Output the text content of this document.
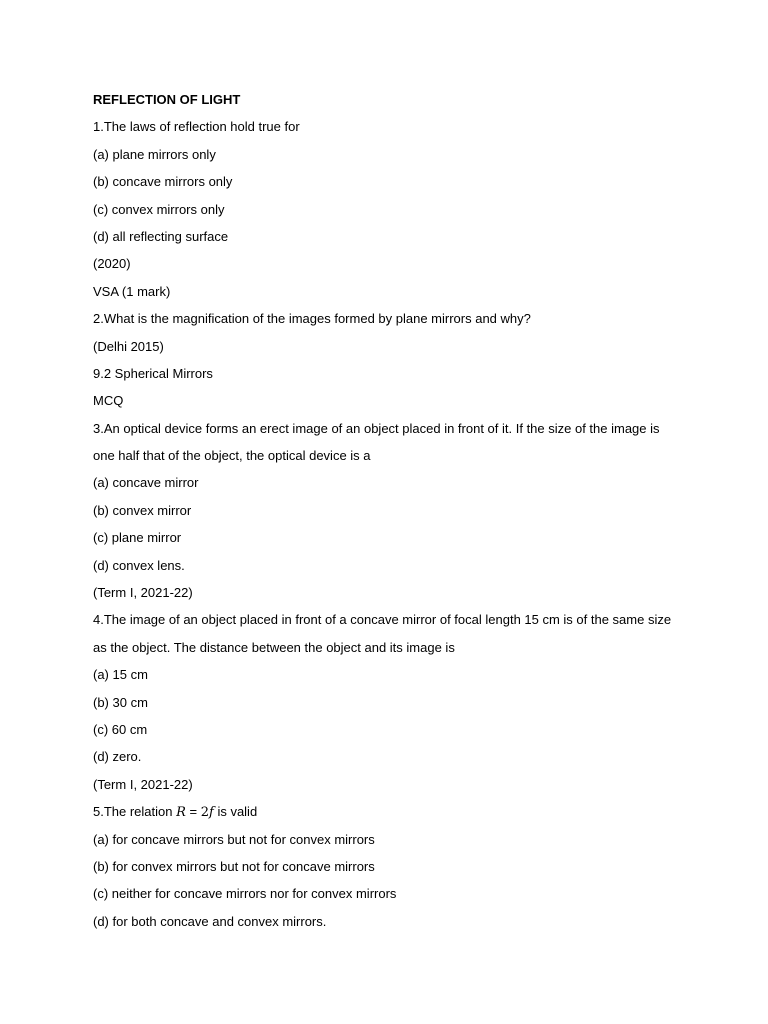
REFLECTION OF LIGHT
1.The laws of reflection hold true for
(a) plane mirrors only
(b) concave mirrors only
(c) convex mirrors only
(d) all reflecting surface
(2020)
VSA (1 mark)
2.What is the magnification of the images formed by plane mirrors and why?
(Delhi 2015)
9.2 Spherical Mirrors
MCQ
3.An optical device forms an erect image of an object placed in front of it. If the size of the image is
one half that of the object, the optical device is a
(a) concave mirror
(b) convex mirror
(c) plane mirror
(d) convex lens.
(Term I, 2021-22)
4.The image of an object placed in front of a concave mirror of focal length 15 cm is of the same size
as the object. The distance between the object and its image is
(a) 15 cm
(b) 30 cm
(c) 60 cm
(d) zero.
(Term I, 2021-22)
5.The relation R = 2f is valid
(a) for concave mirrors but not for convex mirrors
(b) for convex mirrors but not for concave mirrors
(c) neither for concave mirrors nor for convex mirrors
(d) for both concave and convex mirrors.
